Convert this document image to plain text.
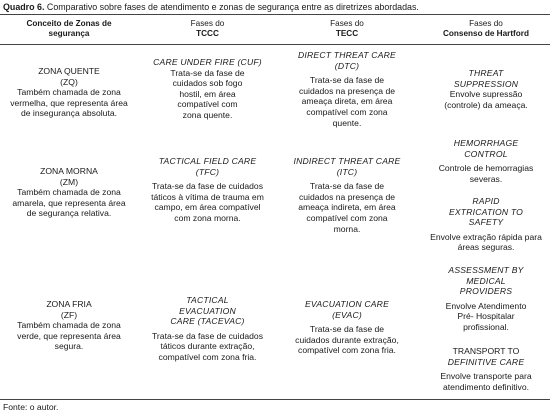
Quadro 6. Comparativo sobre fases de atendimento e zonas de segurança entre as diretrizes abordadas.
Conceito de Zonas de
segurança
Fases do
TCCC
Fases do
TECC
Fases do
Consenso de Hartford
ZONA QUENTE
(ZQ)
Também chamada de zona
vermelha, que representa área
de insegurança absoluta.
CARE UNDER FIRE (CUF)
Trata-se da fase de
cuidados sob fogo
hostil, em área
compatível com
zona quente.
DIRECT THREAT CARE
(DTC)
Trata-se da fase de
cuidados na presença de
ameaça direta, em área
compatível com zona
quente.
ZONA MORNA
(ZM)
Também chamada de zona
amarela, que representa área
de segurança relativa.
TACTICAL FIELD CARE
(TFC)
Trata-se da fase de cuidados
táticos à vítima de trauma em
campo, em área compatível
com zona morna.
INDIRECT THREAT CARE
(ITC)
Trata-se da fase de
cuidados na presença de
ameaça indireta, em área
compatível com zona
morna.
ZONA FRIA
(ZF)
Também chamada de zona
verde, que representa área
segura.
TACTICAL
EVACUATION
CARE (TACEVAC)
Trata-se da fase de cuidados
táticos durante extração,
compatível com zona fria.
EVACUATION CARE
(EVAC)
Trata-se da fase de
cuidados durante extração,
compatível com zona fria.
THREAT
SUPPRESSION
Envolve supressão
(controle) da ameaça.
HEMORRHAGE
CONTROL
Controle de hemorragias
severas.
RAPID
EXTRICATION TO
SAFETY
Envolve extração rápida para
áreas seguras.
ASSESSMENT BY
MEDICAL
PROVIDERS
Envolve Atendimento
Pré- Hospitalar
profissional.
TRANSPORT TO
DEFINITIVE CARE
Envolve transporte para
atendimento definitivo.
Fonte: o autor.
